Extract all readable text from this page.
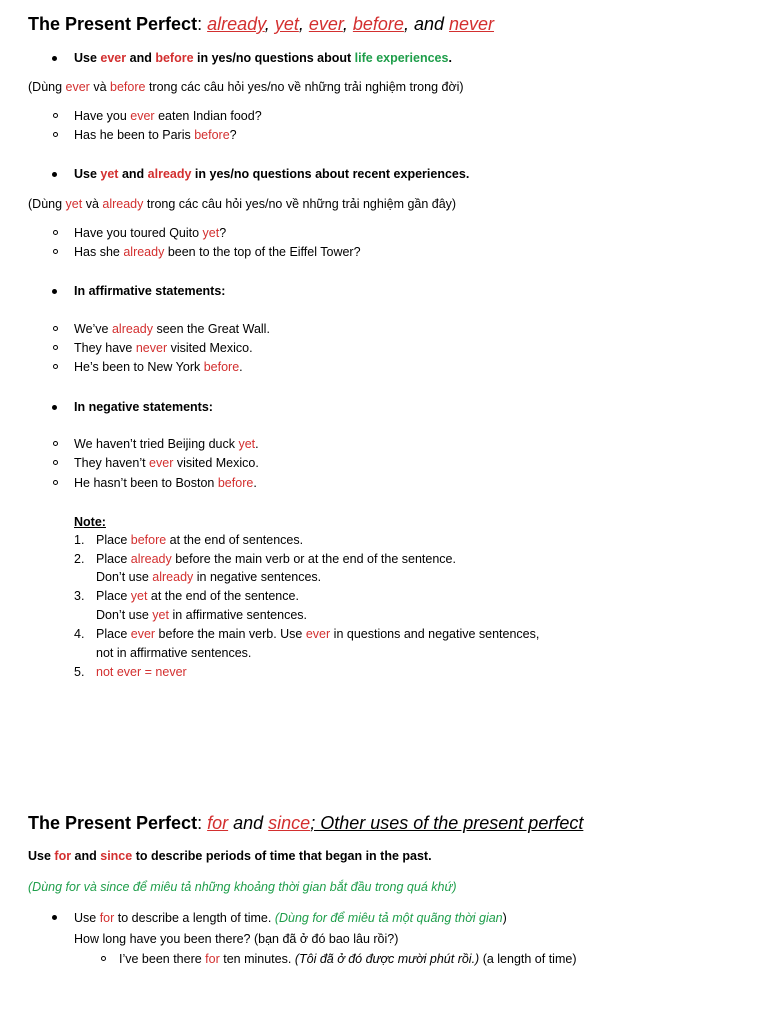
The Present Perfect: already, yet, ever, before, and never
Use ever and before in yes/no questions about life experiences.
(Dùng ever và before trong các câu hỏi yes/no về những trải nghiệm trong đời)
Have you ever eaten Indian food?
Has he been to Paris before?
Use yet and already in yes/no questions about recent experiences.
(Dùng yet và already trong các câu hỏi yes/no về những trải nghiệm gần đây)
Have you toured Quito yet?
Has she already been to the top of the Eiffel Tower?
In affirmative statements:
We’ve already seen the Great Wall.
They have never visited Mexico.
He’s been to New York before.
In negative statements:
We haven’t tried Beijing duck yet.
They haven’t ever visited Mexico.
He hasn’t been to Boston before.
Note:
1. Place before at the end of sentences.
2. Place already before the main verb or at the end of the sentence.
Don’t use already in negative sentences.
3. Place yet at the end of the sentence.
Don’t use yet in affirmative sentences.
4. Place ever before the main verb. Use ever in questions and negative sentences,
not in affirmative sentences.
5. not ever = never
The Present Perfect: for and since; Other uses of the present perfect
Use for and since to describe periods of time that began in the past.
(Dùng for và since để miêu tả những khoảng thời gian bắt đầu trong quá khứ)
Use for to describe a length of time. (Dùng for để miêu tả một quãng thời gian)
How long have you been there? (bạn đã ở đó bao lâu rồi?)
I’ve been there for ten minutes. (Tôi đã ở đó được mười phút rồi.) (a length of time)
